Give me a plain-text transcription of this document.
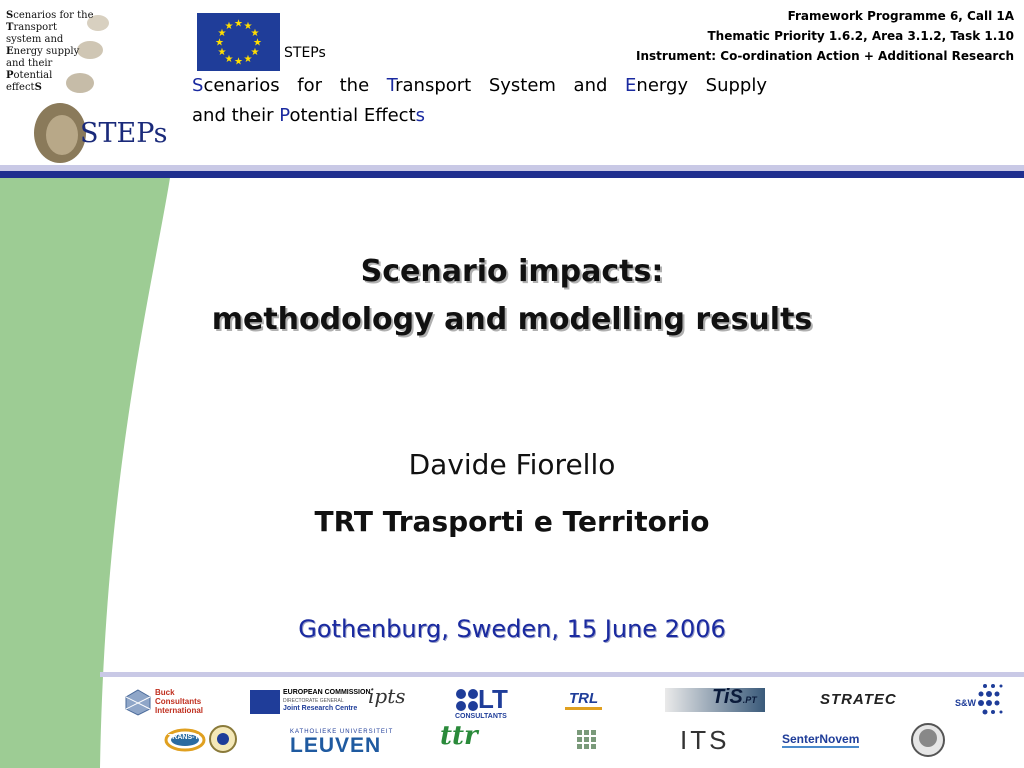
Scenarios for the
Transport
system and
Energy supply
and their
Potential
effectS
STEPs
★
★
★
★
★
★
★
★
★ ★ ★
★
STEPs
Scenarios for the Transport System and Energy Supply
and their Potential Effects
Framework Programme 6, Call 1A
Thematic Priority 1.6.2, Area 3.1.2, Task 1.10
Instrument: Co-ordination Action + Additional Research
Scenario impacts:
methodology and modelling results
Davide Fiorello
TRT Trasporti e Territorio
Gothenburg, Sweden, 15 June 2006
Buck
Consultants
International
EUROPEAN COMMISSION
DIRECTORATE GENERAL
Joint Research Centre
ipts	LT
CONSULTANTS
TRL	TiS.PT	STRATEC	S&W
TRANS-T
KATHOLIEKE UNIVERSITEIT
LEUVEN ttr	ITS	SenterNovem
